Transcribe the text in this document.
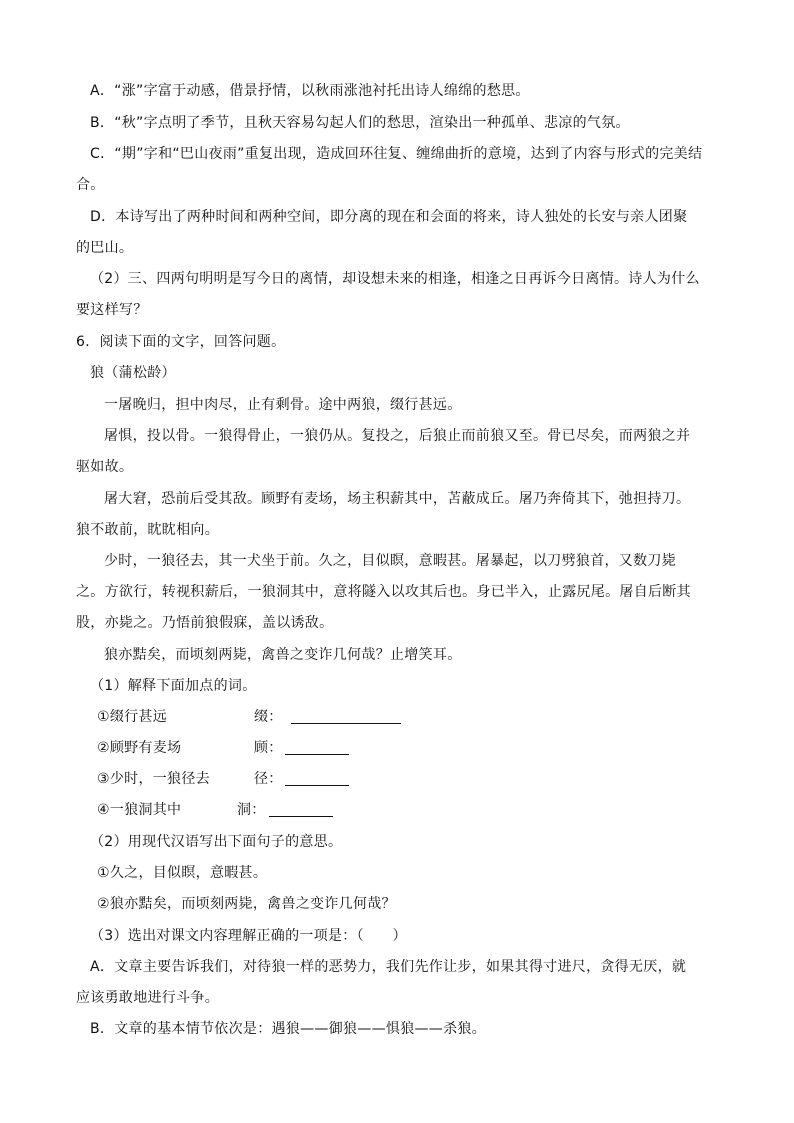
A．“涨”字富于动感，借景抒情，以秋雨涨池衬托出诗人绵绵的愁思。
B．“秋”字点明了季节，且秋天容易勾起人们的愁思，渲染出一种孤单、悲凉的气氛。
C．“期”字和“巴山夜雨”重复出现，造成回环往复、缠绵曲折的意境，达到了内容与形式的完美结
合。
D．本诗写出了两种时间和两种空间，即分离的现在和会面的将来，诗人独处的长安与亲人团聚
的巴山。
（2）三、四两句明明是写今日的离情，却设想未来的相逢，相逢之日再诉今日离情。诗人为什么
要这样写？
6．阅读下面的文字，回答问题。
狼（蒲松龄）
一屠晚归，担中肉尽，止有剩骨。途中两狼，缀行甚远。
屠惧，投以骨。一狼得骨止，一狼仍从。复投之，后狼止而前狼又至。骨已尽矣，而两狼之并
驱如故。
屠大窘，恐前后受其敌。顾野有麦场，场主积薪其中，苫蔽成丘。屠乃奔倚其下，弛担持刀。
狼不敢前，眈眈相向。
少时，一狼径去，其一犬坐于前。久之，目似瞑，意暇甚。屠暴起，以刀劈狼首，又数刀毙
之。方欲行，转视积薪后，一狼洞其中，意将隧入以攻其后也。身已半入，止露尻尾。屠自后断其
股，亦毙之。乃悟前狼假寐，盖以诱敌。
狼亦黠矣，而顷刻两毙，禽兽之变诈几何哉？止增笑耳。
（1）解释下面加点的词。
①缀行甚远	缀：
②顾野有麦场	顾：
③少时，一狼径去	径：
④一狼洞其中	洞：
（2）用现代汉语写出下面句子的意思。
①久之，目似瞑，意暇甚。
②狼亦黠矣，而顷刻两毙，禽兽之变诈几何哉？
（3）选出对课文内容理解正确的一项是：（　　）
A．文章主要告诉我们，对待狼一样的恶势力，我们先作让步，如果其得寸进尺，贪得无厌，就
应该勇敢地进行斗争。
B．文章的基本情节依次是：遇狼——御狼——惧狼——杀狼。
